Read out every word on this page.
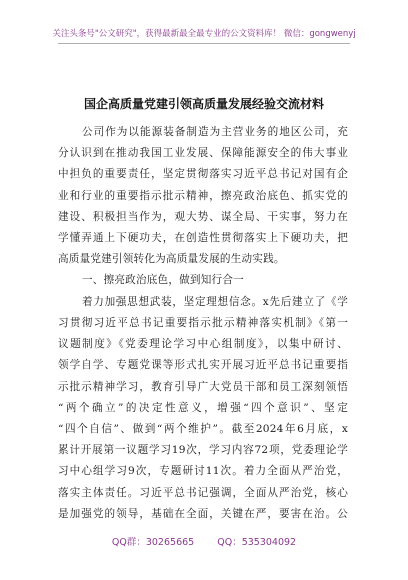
关注头条号"公文研究"，获得最新最全最专业的公文资料库！ 微信：gongwenyj
国企高质量党建引领高质量发展经验交流材料
公司作为以能源装备制造为主营业务的地区公司，充
分认识到在推动我国工业发展、保障能源安全的伟大事业
中担负的重要责任，坚定贯彻落实习近平总书记对国有企
业和行业的重要指示批示精神，擦亮政治底色、抓实党的
建设、积极担当作为，观大势、谋全局、干实事，努力在
学懂弄通上下硬功夫，在创造性贯彻落实上下硬功夫，把
高质量党建引领转化为高质量发展的生动实践。
一、擦亮政治底色，做到知行合一
着力加强思想武装，坚定理想信念。x先后建立了《学
习贯彻习近平总书记重要指示批示精神落实机制》《第一
议题制度》《党委理论学习中心组制度》，以集中研讨、
领学自学、专题党课等形式扎实开展习近平总书记重要指
示批示精神学习，教育引导广大党员干部和员工深刻领悟
“两个确立”的决定性意义，增强“四个意识”、坚定
“四个自信”、做到“两个维护”。截至2024年6月底，x
累计开展第一议题学习19次，学习内容72项，党委理论学
习中心组学习9次，专题研讨11次。着力全面从严治党，
落实主体责任。习近平总书记强调，全面从严治党，核心
是加强党的领导，基础在全面，关键在严，要害在治。公
QQ群：30265665 QQ：535304092
